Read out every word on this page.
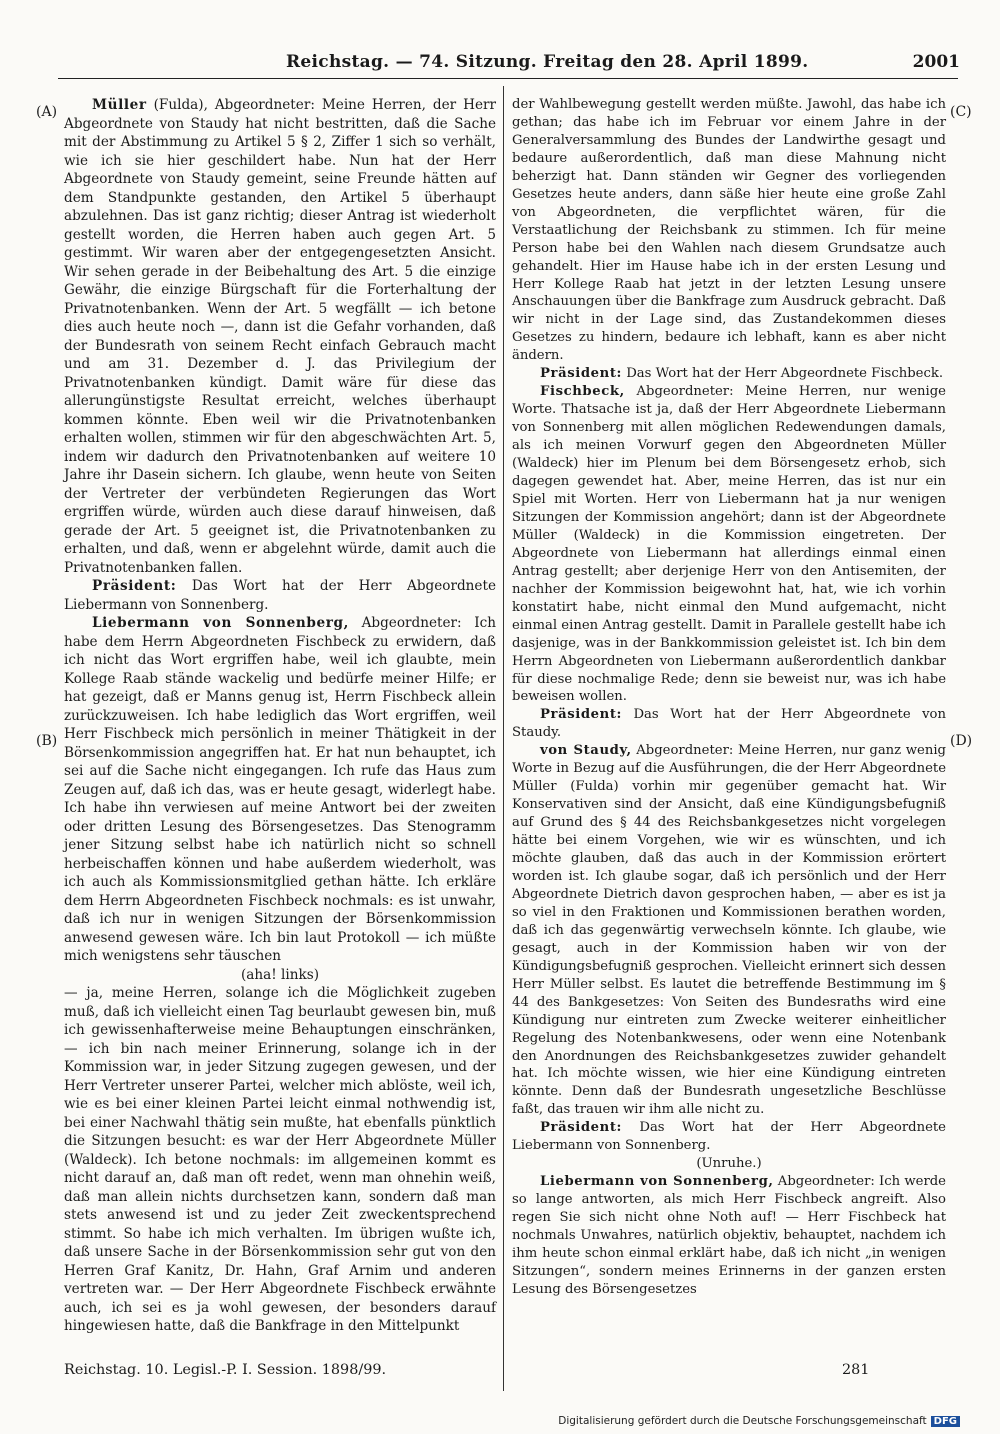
Reichstag. — 74. Sitzung. Freitag den 28. April 1899.	2001
(A)
(B)
(C)
(D)

Müller (Fulda), Abgeordneter: Meine Herren, der Herr Abgeordnete von Staudy hat nicht bestritten, daß die Sache mit der Abstimmung zu Artikel 5 § 2, Ziffer 1 sich so verhält, wie ich sie hier geschildert habe. Nun hat der Herr Abgeordnete von Staudy gemeint, seine Freunde hätten auf dem Standpunkte gestanden, den Artikel 5 überhaupt abzulehnen. Das ist ganz richtig; dieser Antrag ist wiederholt gestellt worden, die Herren haben auch gegen Art. 5 gestimmt. Wir waren aber der entgegengesetzten Ansicht. Wir sehen gerade in der Beibehaltung des Art. 5 die einzige Gewähr, die einzige Bürgschaft für die Forterhaltung der Privatnotenbanken. Wenn der Art. 5 wegfällt — ich betone dies auch heute noch —, dann ist die Gefahr vorhanden, daß der Bundesrath von seinem Recht einfach Gebrauch macht und am 31. Dezember d. J. das Privilegium der Privatnotenbanken kündigt. Damit wäre für diese das allerungünstigste Resultat erreicht, welches überhaupt kommen könnte. Eben weil wir die Privatnotenbanken erhalten wollen, stimmen wir für den abgeschwächten Art. 5, indem wir dadurch den Privatnotenbanken auf weitere 10 Jahre ihr Dasein sichern. Ich glaube, wenn heute von Seiten der Vertreter der verbündeten Regierungen das Wort ergriffen würde, würden auch diese darauf hinweisen, daß gerade der Art. 5 geeignet ist, die Privatnotenbanken zu erhalten, und daß, wenn er abgelehnt würde, damit auch die Privatnotenbanken fallen.

Präsident: Das Wort hat der Herr Abgeordnete Liebermann von Sonnenberg.

Liebermann von Sonnenberg, Abgeordneter: Ich habe dem Herrn Abgeordneten Fischbeck zu erwidern, daß ich nicht das Wort ergriffen habe, weil ich glaubte, mein Kollege Raab stände wackelig und bedürfe meiner Hilfe; er hat gezeigt, daß er Manns genug ist, Herrn Fischbeck allein zurückzuweisen. Ich habe lediglich das Wort ergriffen, weil Herr Fischbeck mich persönlich in meiner Thätigkeit in der Börsenkommission angegriffen hat. Er hat nun behauptet, ich sei auf die Sache nicht eingegangen. Ich rufe das Haus zum Zeugen auf, daß ich das, was er heute gesagt, widerlegt habe. Ich habe ihn verwiesen auf meine Antwort bei der zweiten oder dritten Lesung des Börsengesetzes. Das Stenogramm jener Sitzung selbst habe ich natürlich nicht so schnell herbeischaffen können und habe außerdem wiederholt, was ich auch als Kommissionsmitglied gethan hätte. Ich erkläre dem Herrn Abgeordneten Fischbeck nochmals: es ist unwahr, daß ich nur in wenigen Sitzungen der Börsenkommission anwesend gewesen wäre. Ich bin laut Protokoll — ich müßte mich wenigstens sehr täuschen

(aha! links)

— ja, meine Herren, solange ich die Möglichkeit zugeben muß, daß ich vielleicht einen Tag beurlaubt gewesen bin, muß ich gewissenhafterweise meine Behauptungen einschränken, — ich bin nach meiner Erinnerung, solange ich in der Kommission war, in jeder Sitzung zugegen gewesen, und der Herr Vertreter unserer Partei, welcher mich ablöste, weil ich, wie es bei einer kleinen Partei leicht einmal nothwendig ist, bei einer Nachwahl thätig sein mußte, hat ebenfalls pünktlich die Sitzungen besucht: es war der Herr Abgeordnete Müller (Waldeck). Ich betone nochmals: im allgemeinen kommt es nicht darauf an, daß man oft redet, wenn man ohnehin weiß, daß man allein nichts durchsetzen kann, sondern daß man stets anwesend ist und zu jeder Zeit zweckentsprechend stimmt. So habe ich mich verhalten. Im übrigen wußte ich, daß unsere Sache in der Börsenkommission sehr gut von den Herren Graf Kanitz, Dr. Hahn, Graf Arnim und anderen vertreten war. — Der Herr Abgeordnete Fischbeck erwähnte auch, ich sei es ja wohl gewesen, der besonders darauf hingewiesen hatte, daß die Bankfrage in den Mittelpunkt

der Wahlbewegung gestellt werden müßte. Jawohl, das habe ich gethan; das habe ich im Februar vor einem Jahre in der Generalversammlung des Bundes der Landwirthe gesagt und bedaure außerordentlich, daß man diese Mahnung nicht beherzigt hat. Dann ständen wir Gegner des vorliegenden Gesetzes heute anders, dann säße hier heute eine große Zahl von Abgeordneten, die verpflichtet wären, für die Verstaatlichung der Reichsbank zu stimmen. Ich für meine Person habe bei den Wahlen nach diesem Grundsatze auch gehandelt. Hier im Hause habe ich in der ersten Lesung und Herr Kollege Raab hat jetzt in der letzten Lesung unsere Anschauungen über die Bankfrage zum Ausdruck gebracht. Daß wir nicht in der Lage sind, das Zustandekommen dieses Gesetzes zu hindern, bedaure ich lebhaft, kann es aber nicht ändern.

Präsident: Das Wort hat der Herr Abgeordnete Fischbeck.

Fischbeck, Abgeordneter: Meine Herren, nur wenige Worte. Thatsache ist ja, daß der Herr Abgeordnete Liebermann von Sonnenberg mit allen möglichen Redewendungen damals, als ich meinen Vorwurf gegen den Abgeordneten Müller (Waldeck) hier im Plenum bei dem Börsengesetz erhob, sich dagegen gewendet hat. Aber, meine Herren, das ist nur ein Spiel mit Worten. Herr von Liebermann hat ja nur wenigen Sitzungen der Kommission angehört; dann ist der Abgeordnete Müller (Waldeck) in die Kommission eingetreten. Der Abgeordnete von Liebermann hat allerdings einmal einen Antrag gestellt; aber derjenige Herr von den Antisemiten, der nachher der Kommission beigewohnt hat, hat, wie ich vorhin konstatirt habe, nicht einmal den Mund aufgemacht, nicht einmal einen Antrag gestellt. Damit in Parallele gestellt habe ich dasjenige, was in der Bankkommission geleistet ist. Ich bin dem Herrn Abgeordneten von Liebermann außerordentlich dankbar für diese nochmalige Rede; denn sie beweist nur, was ich habe beweisen wollen.

Präsident: Das Wort hat der Herr Abgeordnete von Staudy.

von Staudy, Abgeordneter: Meine Herren, nur ganz wenig Worte in Bezug auf die Ausführungen, die der Herr Abgeordnete Müller (Fulda) vorhin mir gegenüber gemacht hat. Wir Konservativen sind der Ansicht, daß eine Kündigungsbefugniß auf Grund des § 44 des Reichsbankgesetzes nicht vorgelegen hätte bei einem Vorgehen, wie wir es wünschten, und ich möchte glauben, daß das auch in der Kommission erörtert worden ist. Ich glaube sogar, daß ich persönlich und der Herr Abgeordnete Dietrich davon gesprochen haben, — aber es ist ja so viel in den Fraktionen und Kommissionen berathen worden, daß ich das gegenwärtig verwechseln könnte. Ich glaube, wie gesagt, auch in der Kommission haben wir von der Kündigungsbefugniß gesprochen. Vielleicht erinnert sich dessen Herr Müller selbst. Es lautet die betreffende Bestimmung im § 44 des Bankgesetzes: Von Seiten des Bundesraths wird eine Kündigung nur eintreten zum Zwecke weiterer einheitlicher Regelung des Notenbankwesens, oder wenn eine Notenbank den Anordnungen des Reichsbankgesetzes zuwider gehandelt hat. Ich möchte wissen, wie hier eine Kündigung eintreten könnte. Denn daß der Bundesrath ungesetzliche Beschlüsse faßt, das trauen wir ihm alle nicht zu.

Präsident: Das Wort hat der Herr Abgeordnete Liebermann von Sonnenberg.

(Unruhe.)

Liebermann von Sonnenberg, Abgeordneter: Ich werde so lange antworten, als mich Herr Fischbeck angreift. Also regen Sie sich nicht ohne Noth auf! — Herr Fischbeck hat nochmals Unwahres, natürlich objektiv, behauptet, nachdem ich ihm heute schon einmal erklärt habe, daß ich nicht „in wenigen Sitzungen“, sondern meines Erinnerns in der ganzen ersten Lesung des Börsengesetzes

Reichstag. 10. Legisl.-P. I. Session. 1898/99.	281
Digitalisierung gefördert durch die Deutsche Forschungsgemeinschaft DFG
